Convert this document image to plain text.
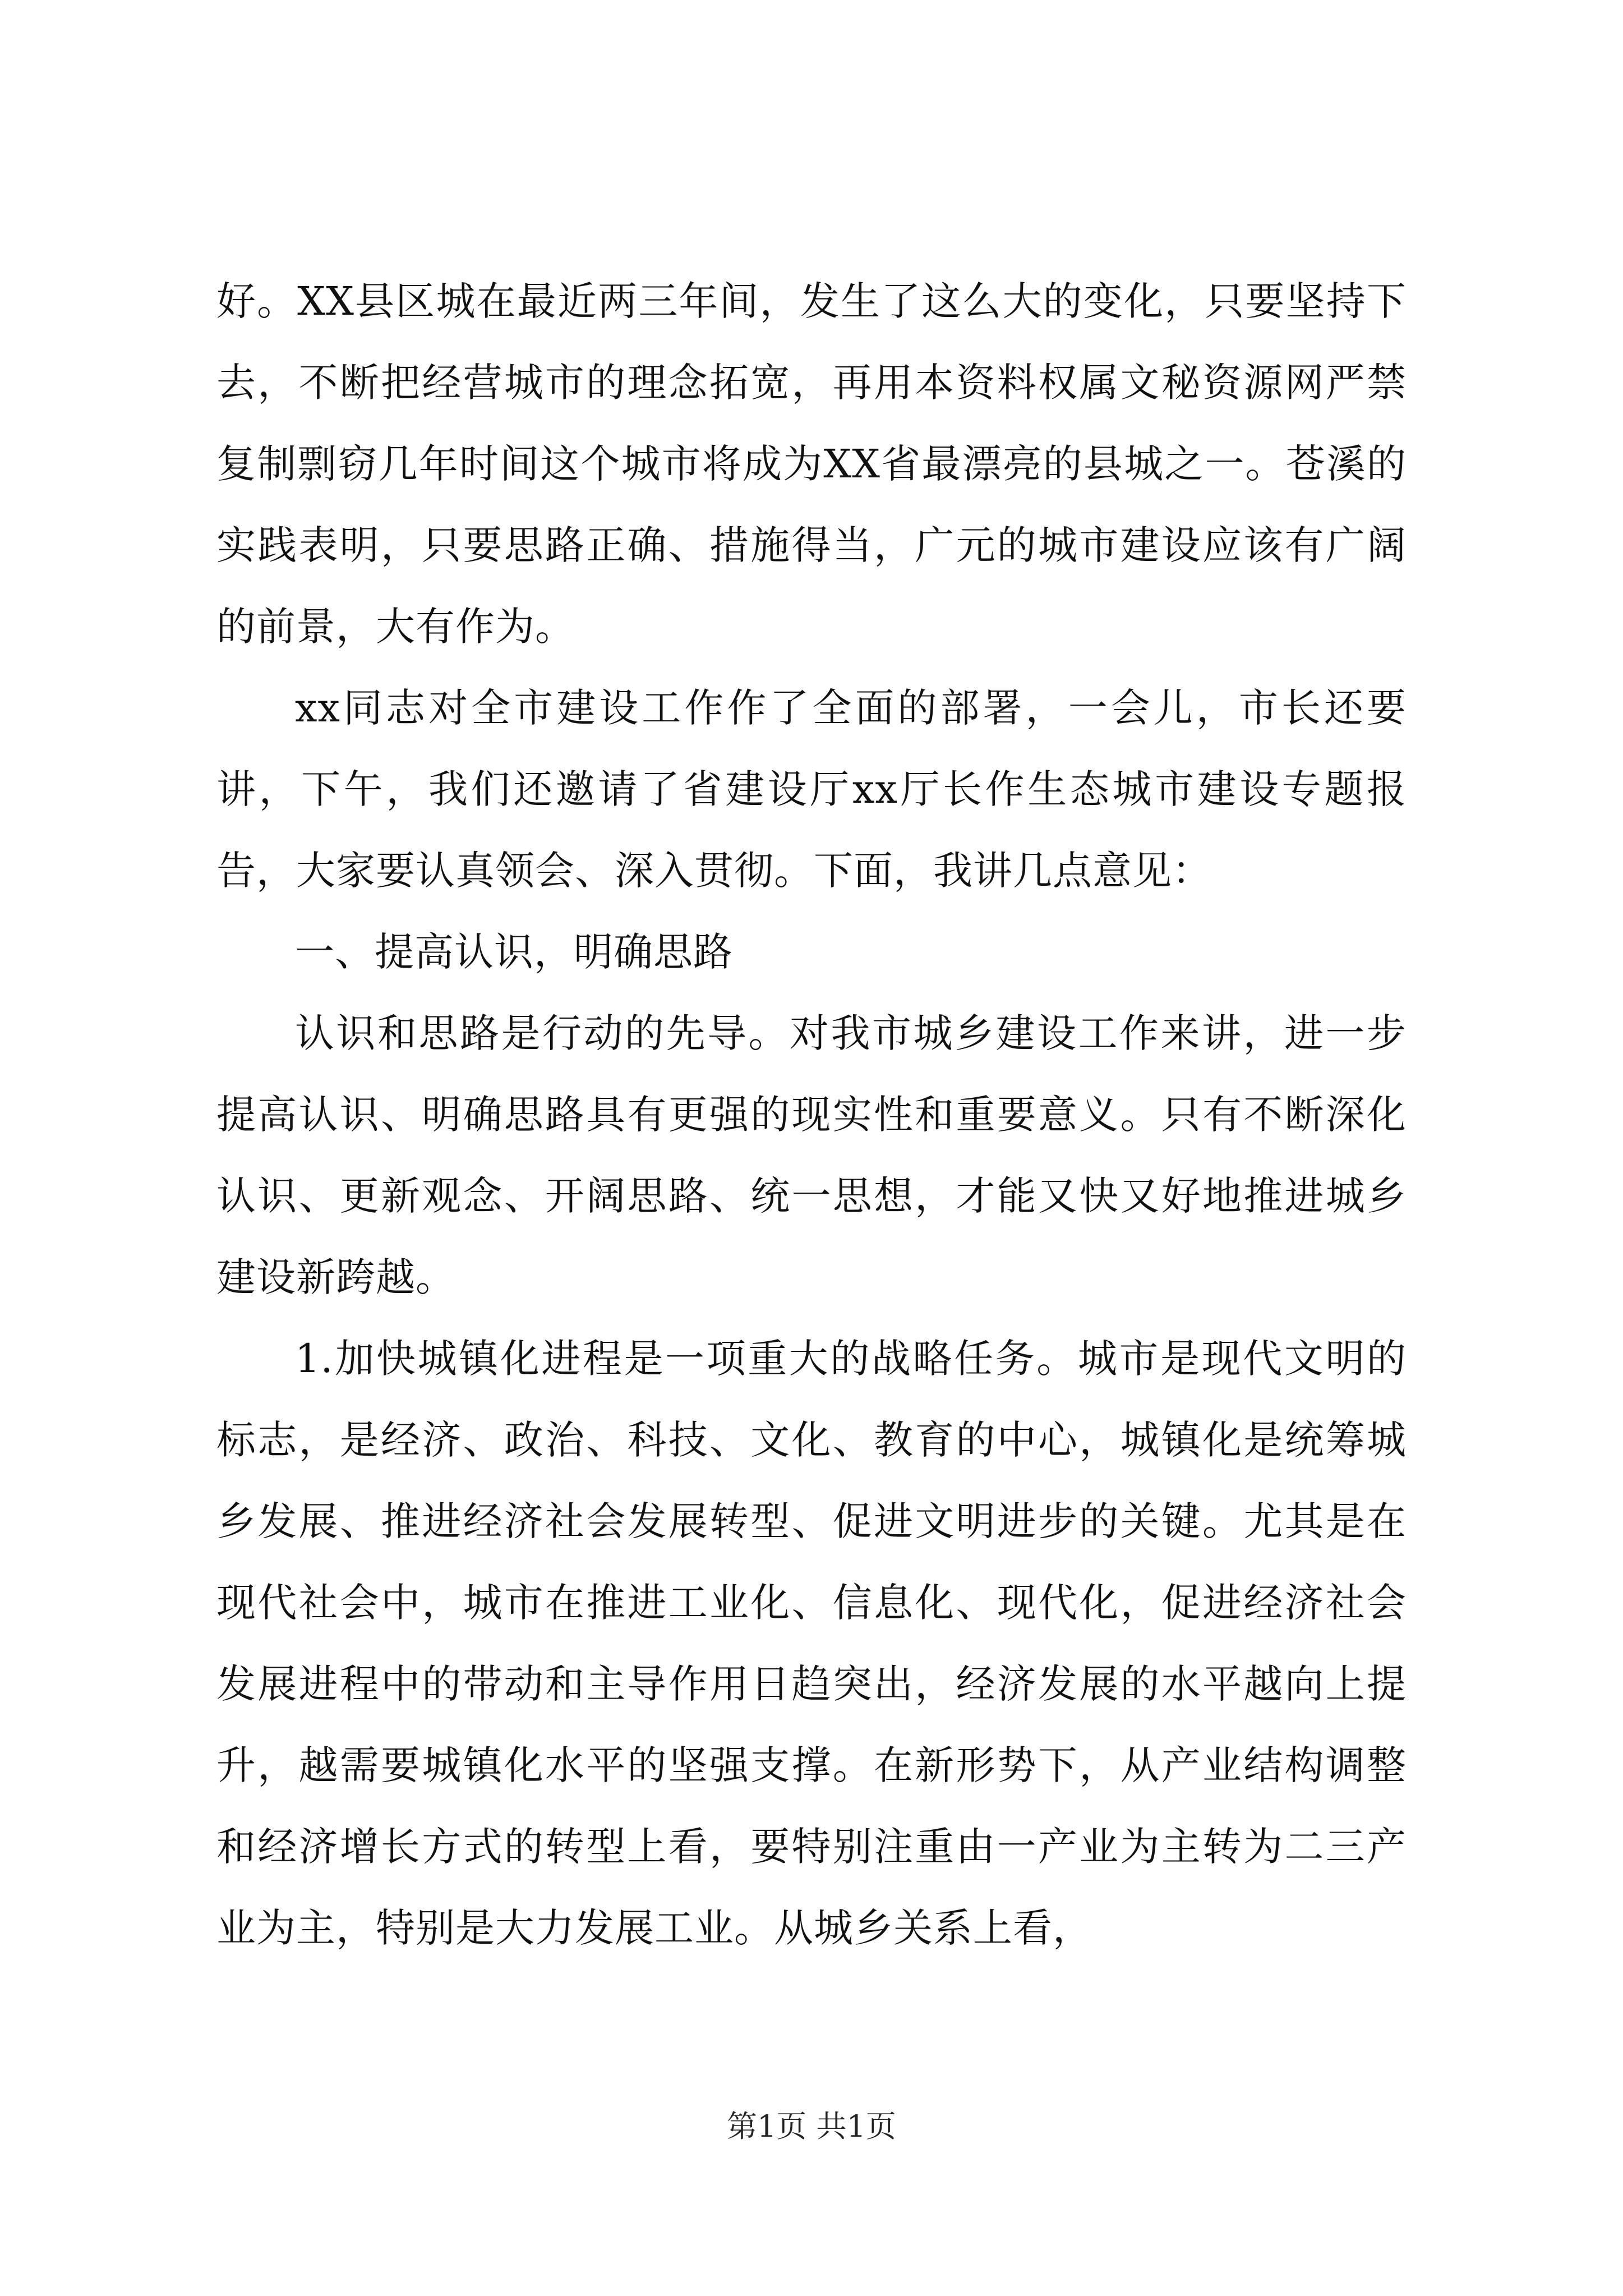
好。XX县区城在最近两三年间，发生了这么大的变化，只要坚持下去，不断把经营城市的理念拓宽，再用本资料权属文秘资源网严禁复制剽窃几年时间这个城市将成为XX省最漂亮的县城之一。苍溪的实践表明，只要思路正确、措施得当，广元的城市建设应该有广阔的前景，大有作为。

xx同志对全市建设工作作了全面的部署，一会儿，市长还要讲，下午，我们还邀请了省建设厅xx厅长作生态城市建设专题报告，大家要认真领会、深入贯彻。下面，我讲几点意见：

一、提高认识，明确思路

认识和思路是行动的先导。对我市城乡建设工作来讲，进一步提高认识、明确思路具有更强的现实性和重要意义。只有不断深化认识、更新观念、开阔思路、统一思想，才能又快又好地推进城乡建设新跨越。

1.加快城镇化进程是一项重大的战略任务。城市是现代文明的标志，是经济、政治、科技、文化、教育的中心，城镇化是统筹城乡发展、推进经济社会发展转型、促进文明进步的关键。尤其是在现代社会中，城市在推进工业化、信息化、现代化，促进经济社会发展进程中的带动和主导作用日趋突出，经济发展的水平越向上提升，越需要城镇化水平的坚强支撑。在新形势下，从产业结构调整和经济增长方式的转型上看，要特别注重由一产业为主转为二三产业为主，特别是大力发展工业。从城乡关系上看，

第1页 共1页
